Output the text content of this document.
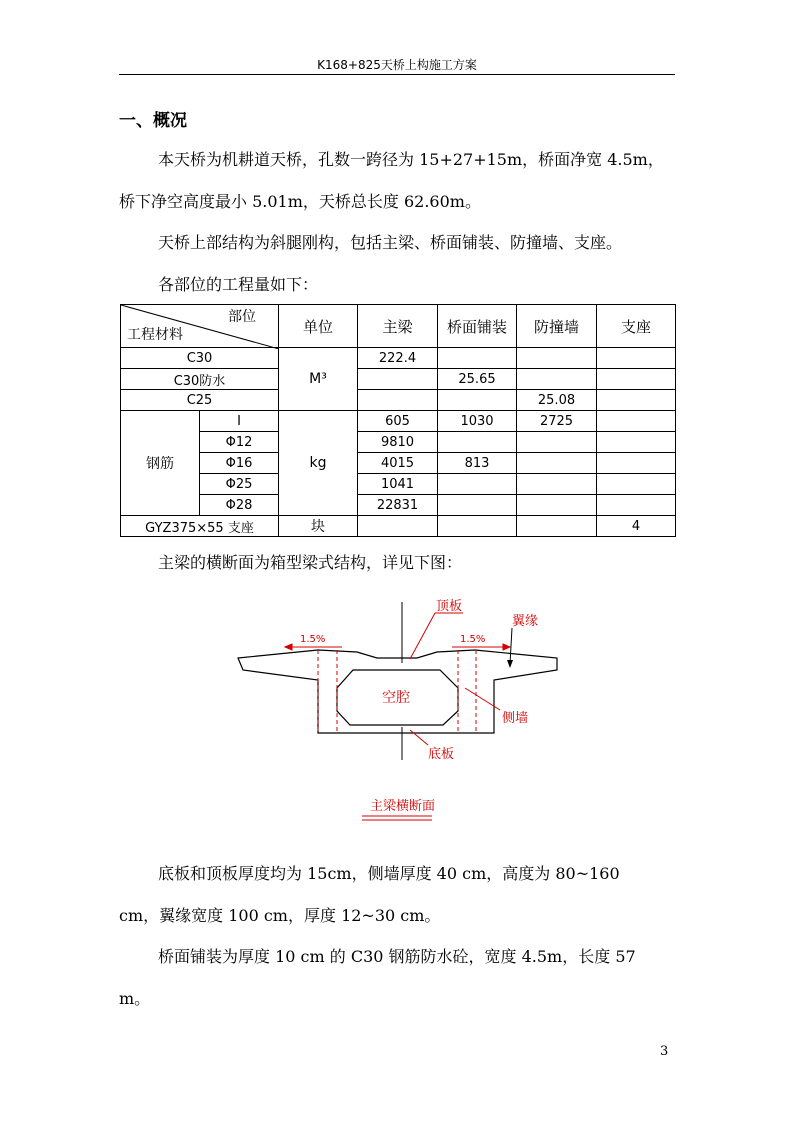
K168+825天桥上构施工方案
一、概况
本天桥为机耕道天桥，孔数一跨径为 15+27+15m，桥面净宽 4.5m，
桥下净空高度最小 5.01m，天桥总长度 62.60m。
天桥上部结构为斜腿刚构，包括主梁、桥面铺装、防撞墙、支座。
各部位的工程量如下：
部位
工程材料		单位	主梁	桥面铺装	防撞墙	支座
C30		M³	222.4			
C30防水				25.65		
C25					25.08	
钢筋	Ⅰ	kg	605	1030	2725	
	Φ12		9810			
	Φ16		4015	813		
	Φ25		1041			
	Φ28		22831			
GYZ375×55 支座		块				4
主梁的横断面为箱型梁式结构，详见下图：
1.5%	1.5%
顶板
翼缘
空腔
侧墙
底板
主梁横断面
底板和顶板厚度均为 15cm，侧墙厚度 40 cm，高度为 80~160
cm，翼缘宽度 100 cm，厚度 12~30 cm。
桥面铺装为厚度 10 cm 的 C30 钢筋防水砼，宽度 4.5m，长度 57
m。
3
